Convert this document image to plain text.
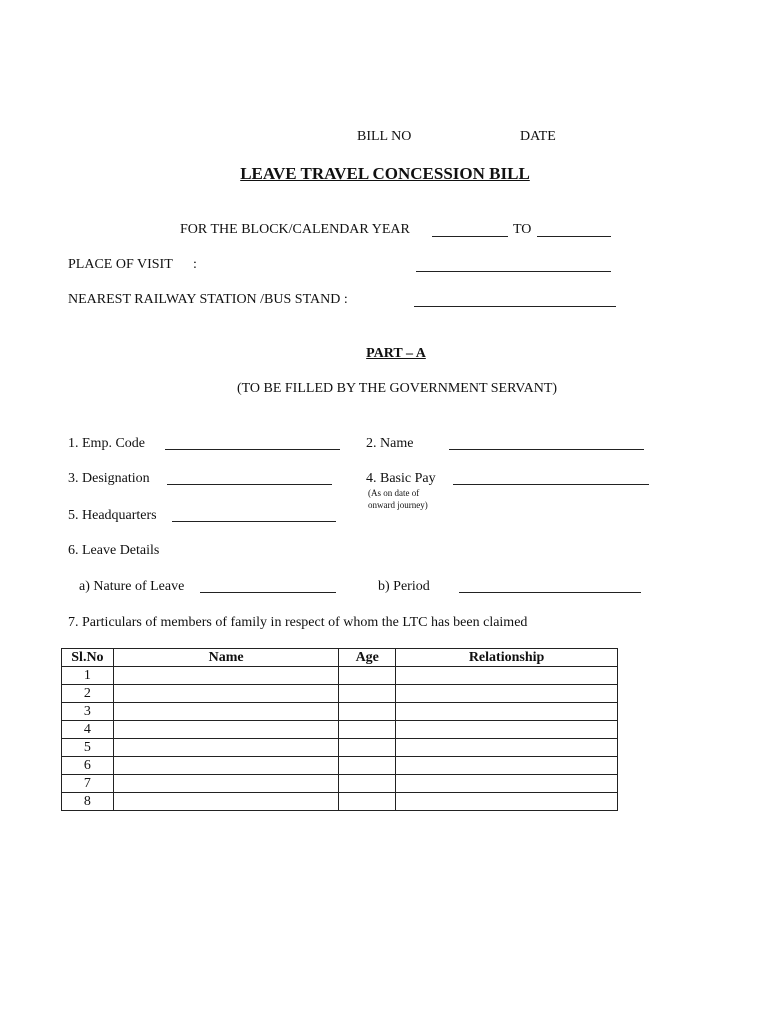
BILL NO	DATE
LEAVE TRAVEL CONCESSION BILL
FOR THE BLOCK/CALENDAR YEAR	TO
PLACE OF VISIT :
NEAREST RAILWAY STATION /BUS STAND :
PART – A
(TO BE FILLED BY THE GOVERNMENT SERVANT)
1. Emp. Code	2. Name
3. Designation	4. Basic Pay
(As on date of onward journey)
5. Headquarters
6. Leave Details
a) Nature of Leave	b) Period
7. Particulars of members of family in respect of whom the LTC has been claimed
Sl.No	Name	Age	Relationship
1			
2			
3			
4			
5			
6			
7			
8			
